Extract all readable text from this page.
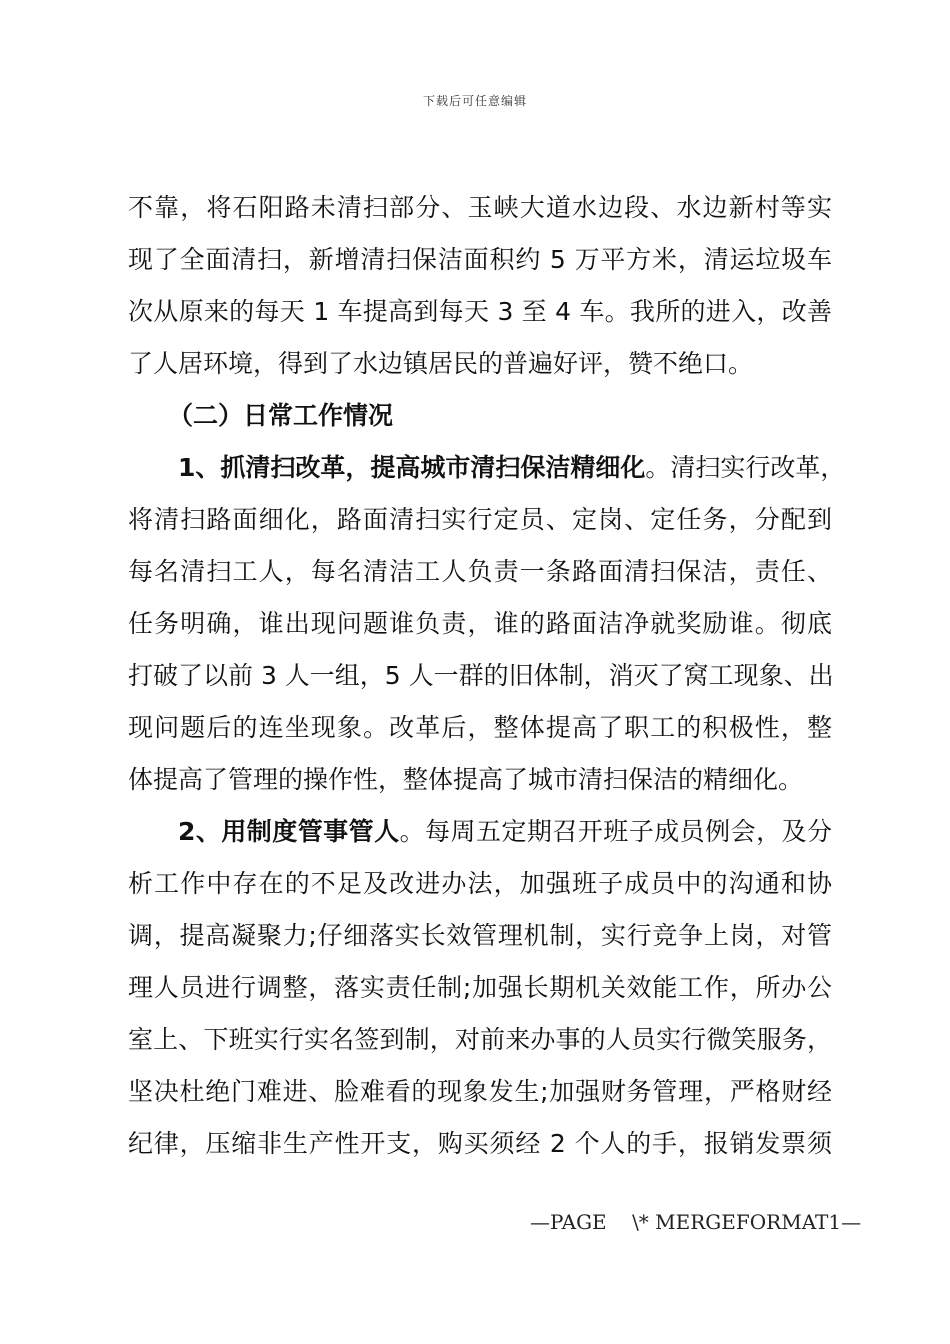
下载后可任意编辑
不靠，将石阳路未清扫部分、玉峡大道水边段、水边新村等实
现了全面清扫，新增清扫保洁面积约 5 万平方米，清运垃圾车
次从原来的每天 1 车提高到每天 3 至 4 车。我所的进入，改善
了人居环境，得到了水边镇居民的普遍好评，赞不绝口。
（二）日常工作情况
1、抓清扫改革，提高城市清扫保洁精细化。清扫实行改革，
将清扫路面细化，路面清扫实行定员、定岗、定任务，分配到
每名清扫工人，每名清洁工人负责一条路面清扫保洁，责任、
任务明确，谁出现问题谁负责，谁的路面洁净就奖励谁。彻底
打破了以前 3 人一组，5 人一群的旧体制，消灭了窝工现象、出
现问题后的连坐现象。改革后，整体提高了职工的积极性，整
体提高了管理的操作性，整体提高了城市清扫保洁的精细化。
2、用制度管事管人。每周五定期召开班子成员例会，及分
析工作中存在的不足及改进办法，加强班子成员中的沟通和协
调，提高凝聚力;仔细落实长效管理机制，实行竞争上岗，对管
理人员进行调整，落实责任制;加强长期机关效能工作，所办公
室上、下班实行实名签到制，对前来办事的人员实行微笑服务，
坚决杜绝门难进、脸难看的现象发生;加强财务管理，严格财经
纪律，压缩非生产性开支，购买须经 2 个人的手，报销发票须
—PAGE    \* MERGEFORMAT1—
